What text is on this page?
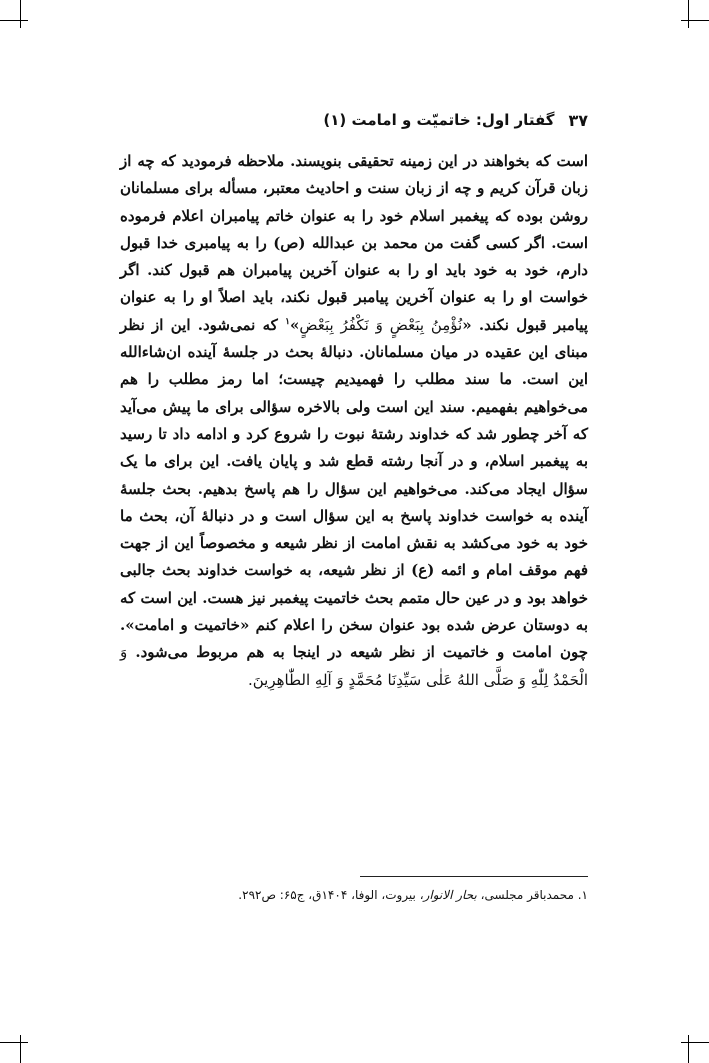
۳۷
گفتار اول: خاتمیّت و امامت (۱)
است که بخواهند در این زمینه تحقیقی بنویسند. ملاحظه فرمودید که چه از زبان قرآن کریم و چه از زبان سنت و احادیث معتبر، مسأله برای مسلمانان روشن بوده که پیغمبر اسلام خود را به عنوان خاتم پیامبران اعلام فرموده است. اگر کسی گفت من محمد بن عبدالله (ص) را به پیامبری خدا قبول دارم، خود به خود باید او را به عنوان آخرین پیامبران هم قبول کند. اگر خواست او را به عنوان آخرین پیامبر قبول نکند، باید اصلاً او را به عنوان پیامبر قبول نکند. «نُؤْمِنُ بِبَعْضٍ وَ نَكْفُرُ بِبَعْضٍ»$^۱$ که نمی‌شود. این از نظر مبنای این عقیده در میان مسلمانان. دنبالهٔ بحث در جلسهٔ آینده ان‌شاءالله این است. ما سند مطلب را فهمیدیم چیست؛ اما رمز مطلب را هم می‌خواهیم بفهمیم. سند این است ولی بالاخره سؤالی برای ما پیش می‌آید که آخر چطور شد که خداوند رشتهٔ نبوت را شروع کرد و ادامه داد تا رسید به پیغمبر اسلام، و در آنجا رشته قطع شد و پایان یافت. این برای ما یک سؤال ایجاد می‌کند. می‌خواهیم این سؤال را هم پاسخ بدهیم. بحث جلسهٔ آینده به خواست خداوند پاسخ به این سؤال است و در دنبالهٔ آن، بحث ما خود به خود می‌کشد به نقش امامت از نظر شیعه و مخصوصاً این از جهت فهم موقف امام و ائمه (ع) از نظر شیعه، به خواست خداوند بحث جالبی خواهد بود و در عین حال متمم بحث خاتمیت پیغمبر نیز هست. این است که به دوستان عرض شده بود عنوان سخن را اعلام کنم «خاتمیت و امامت». چون امامت و خاتمیت از نظر شیعه در اینجا به هم مربوط می‌شود. وَ الْحَمْدُ لِلّٰهِ وَ صَلَّى اللهُ عَلٰى سَيِّدِنَا مُحَمَّدٍ وَ آلِهِ الطّٰاهِرِينَ.
۱. محمدباقر مجلسی، بحار الانوار، بیروت، الوفا، ۱۴۰۴ق، ج۶۵: ص۲۹۲.
